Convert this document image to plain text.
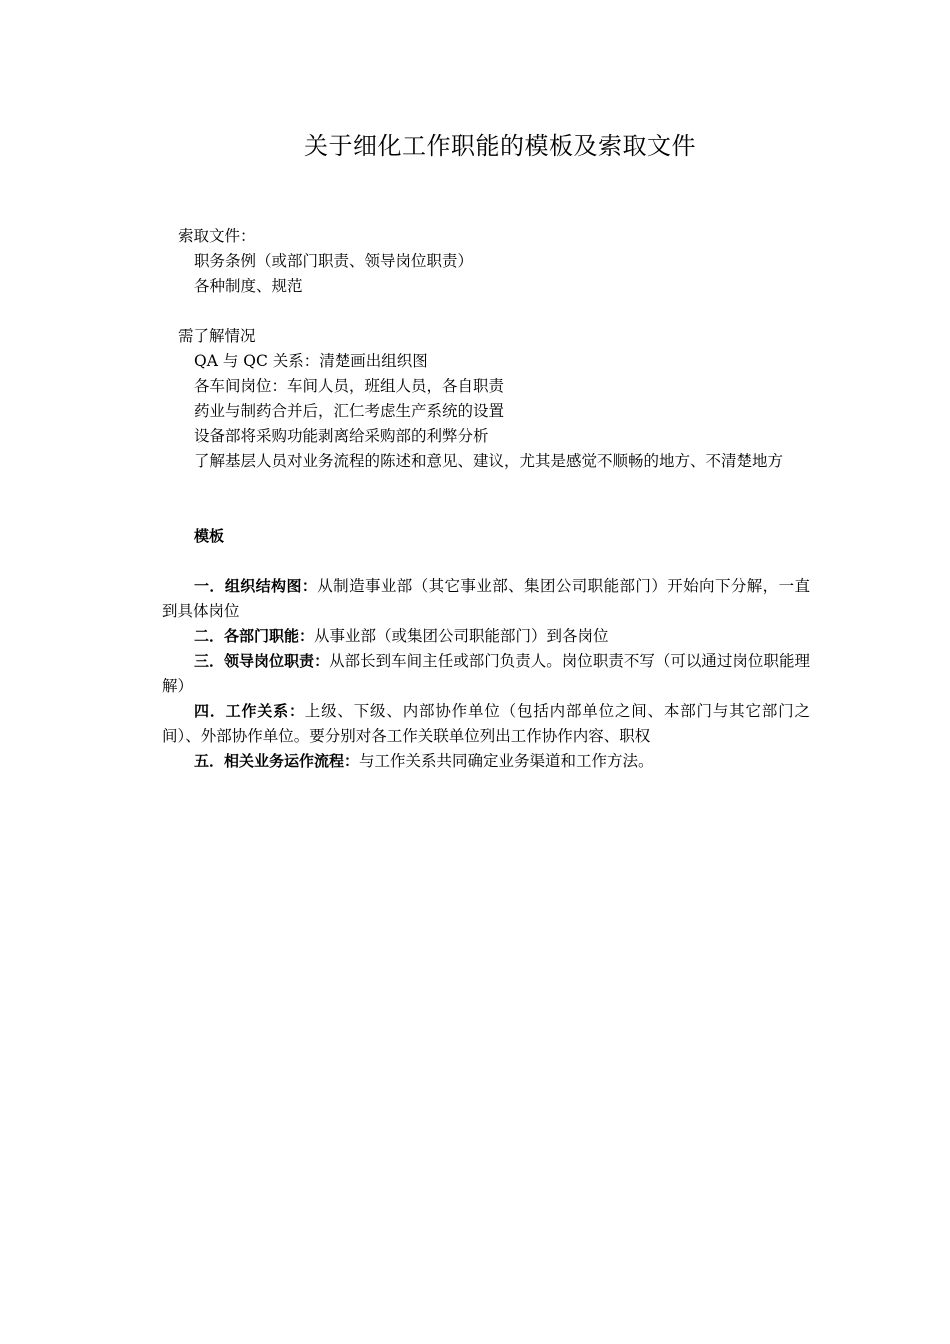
关于细化工作职能的模板及索取文件

索取文件：

职务条例（或部门职责、领导岗位职责）

各种制度、规范

需了解情况

QA 与 QC 关系：清楚画出组织图

各车间岗位：车间人员，班组人员，各自职责

药业与制药合并后，汇仁考虑生产系统的设置

设备部将采购功能剥离给采购部的利弊分析

了解基层人员对业务流程的陈述和意见、建议，尤其是感觉不顺畅的地方、不清楚地方

模板

一．组织结构图：从制造事业部（其它事业部、集团公司职能部门）开始向下分解，一直到具体岗位

二．各部门职能：从事业部（或集团公司职能部门）到各岗位

三．领导岗位职责：从部长到车间主任或部门负责人。岗位职责不写（可以通过岗位职能理解）

四．工作关系：上级、下级、内部协作单位（包括内部单位之间、本部门与其它部门之间）、外部协作单位。要分别对各工作关联单位列出工作协作内容、职权

五．相关业务运作流程：与工作关系共同确定业务渠道和工作方法。
